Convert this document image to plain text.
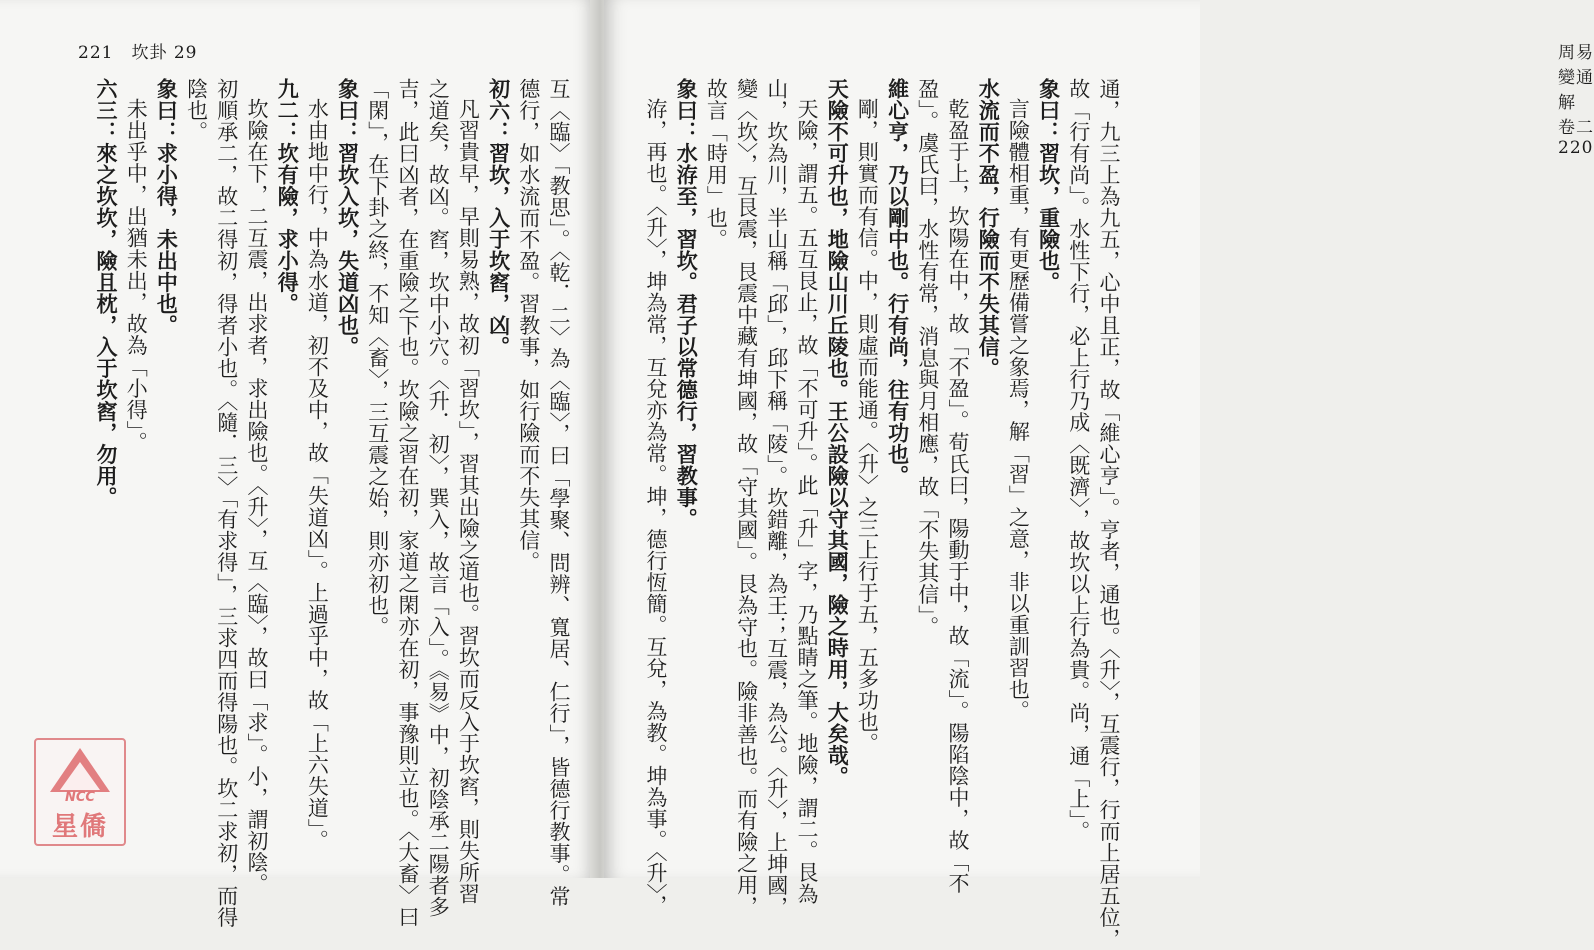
221　坎卦 29
互〈臨〉「教思」。〈乾．二〉為〈臨〉，曰「學聚、問辨、寬居、仁行」，皆德行教事。常
德行，如水流而不盈。習教事，如行險而不失其信。
初六：習坎，入于坎窞，凶。
凡習貴早，早則易熟，故初「習坎」，習其出險之道也。習坎而反入于坎窞，則失所習
之道矣，故凶。窞，坎中小穴。〈升．初〉，巽入，故言「入」。《易》中，初陰承二陽者多
吉，此曰凶者，在重險之下也。坎險之習在初，家道之閑亦在初，事豫則立也。〈大畜〉曰
「閑」，在下卦之終，不知〈畜〉，三互震之始，則亦初也。
象曰：習坎入坎，失道凶也。
水由地中行，中為水道，初不及中，故「失道凶」。上過乎中，故「上六失道」。
九二：坎有險，求小得。
坎險在下，二互震，出求者，求出險也。〈升〉，互〈臨〉，故曰「求」。小，謂初陰。
初順承二，故二得初，得者小也。〈隨．三〉「有求得」，三求四而得陽也。坎二求初，而得
陰也。
象曰：求小得，未出中也。
未出乎中，出猶未出，故為「小得」。
六三：來之坎坎，險且枕，入于坎窞，勿用。
NCC
星僑
周易變通解　卷二　220
通，九三上為九五，心中且正，故「維心亨」。亨者，通也。〈升〉，互震行，行而上居五位，
故「行有尚」。水性下行，必上行乃成〈既濟〉，故坎以上行為貴。尚，通「上」。
象曰：習坎，重險也。
言險體相重，有更歷備嘗之象焉，解「習」之意，非以重訓習也。
水流而不盈，行險而不失其信。
乾盈于上，坎陽在中，故「不盈」。荀氏曰，陽動于中，故「流」。陽陷陰中，故「不
盈」。虞氏曰，水性有常，消息與月相應，故「不失其信」。
維心亨，乃以剛中也。行有尚，往有功也。
剛，則實而有信。中，則虛而能通。〈升〉之三上行于五，五多功也。
天險不可升也，地險山川丘陵也。王公設險以守其國，險之時用，大矣哉。
天險，謂五。五互艮止，故「不可升」。此「升」字，乃點睛之筆。地險，謂二。艮為
山，坎為川，半山稱「邱」，邱下稱「陵」。坎錯離，為王；互震，為公。〈升〉，上坤國，
變〈坎〉，互艮震，艮震中藏有坤國，故「守其國」。艮為守也。險非善也。而有險之用，
故言「時用」也。
象曰：水洊至，習坎。君子以常德行，習教事。
洊，再也。〈升〉，坤為常，互兌亦為常。坤，德行恆簡。互兌，為教。坤為事。〈升〉，
